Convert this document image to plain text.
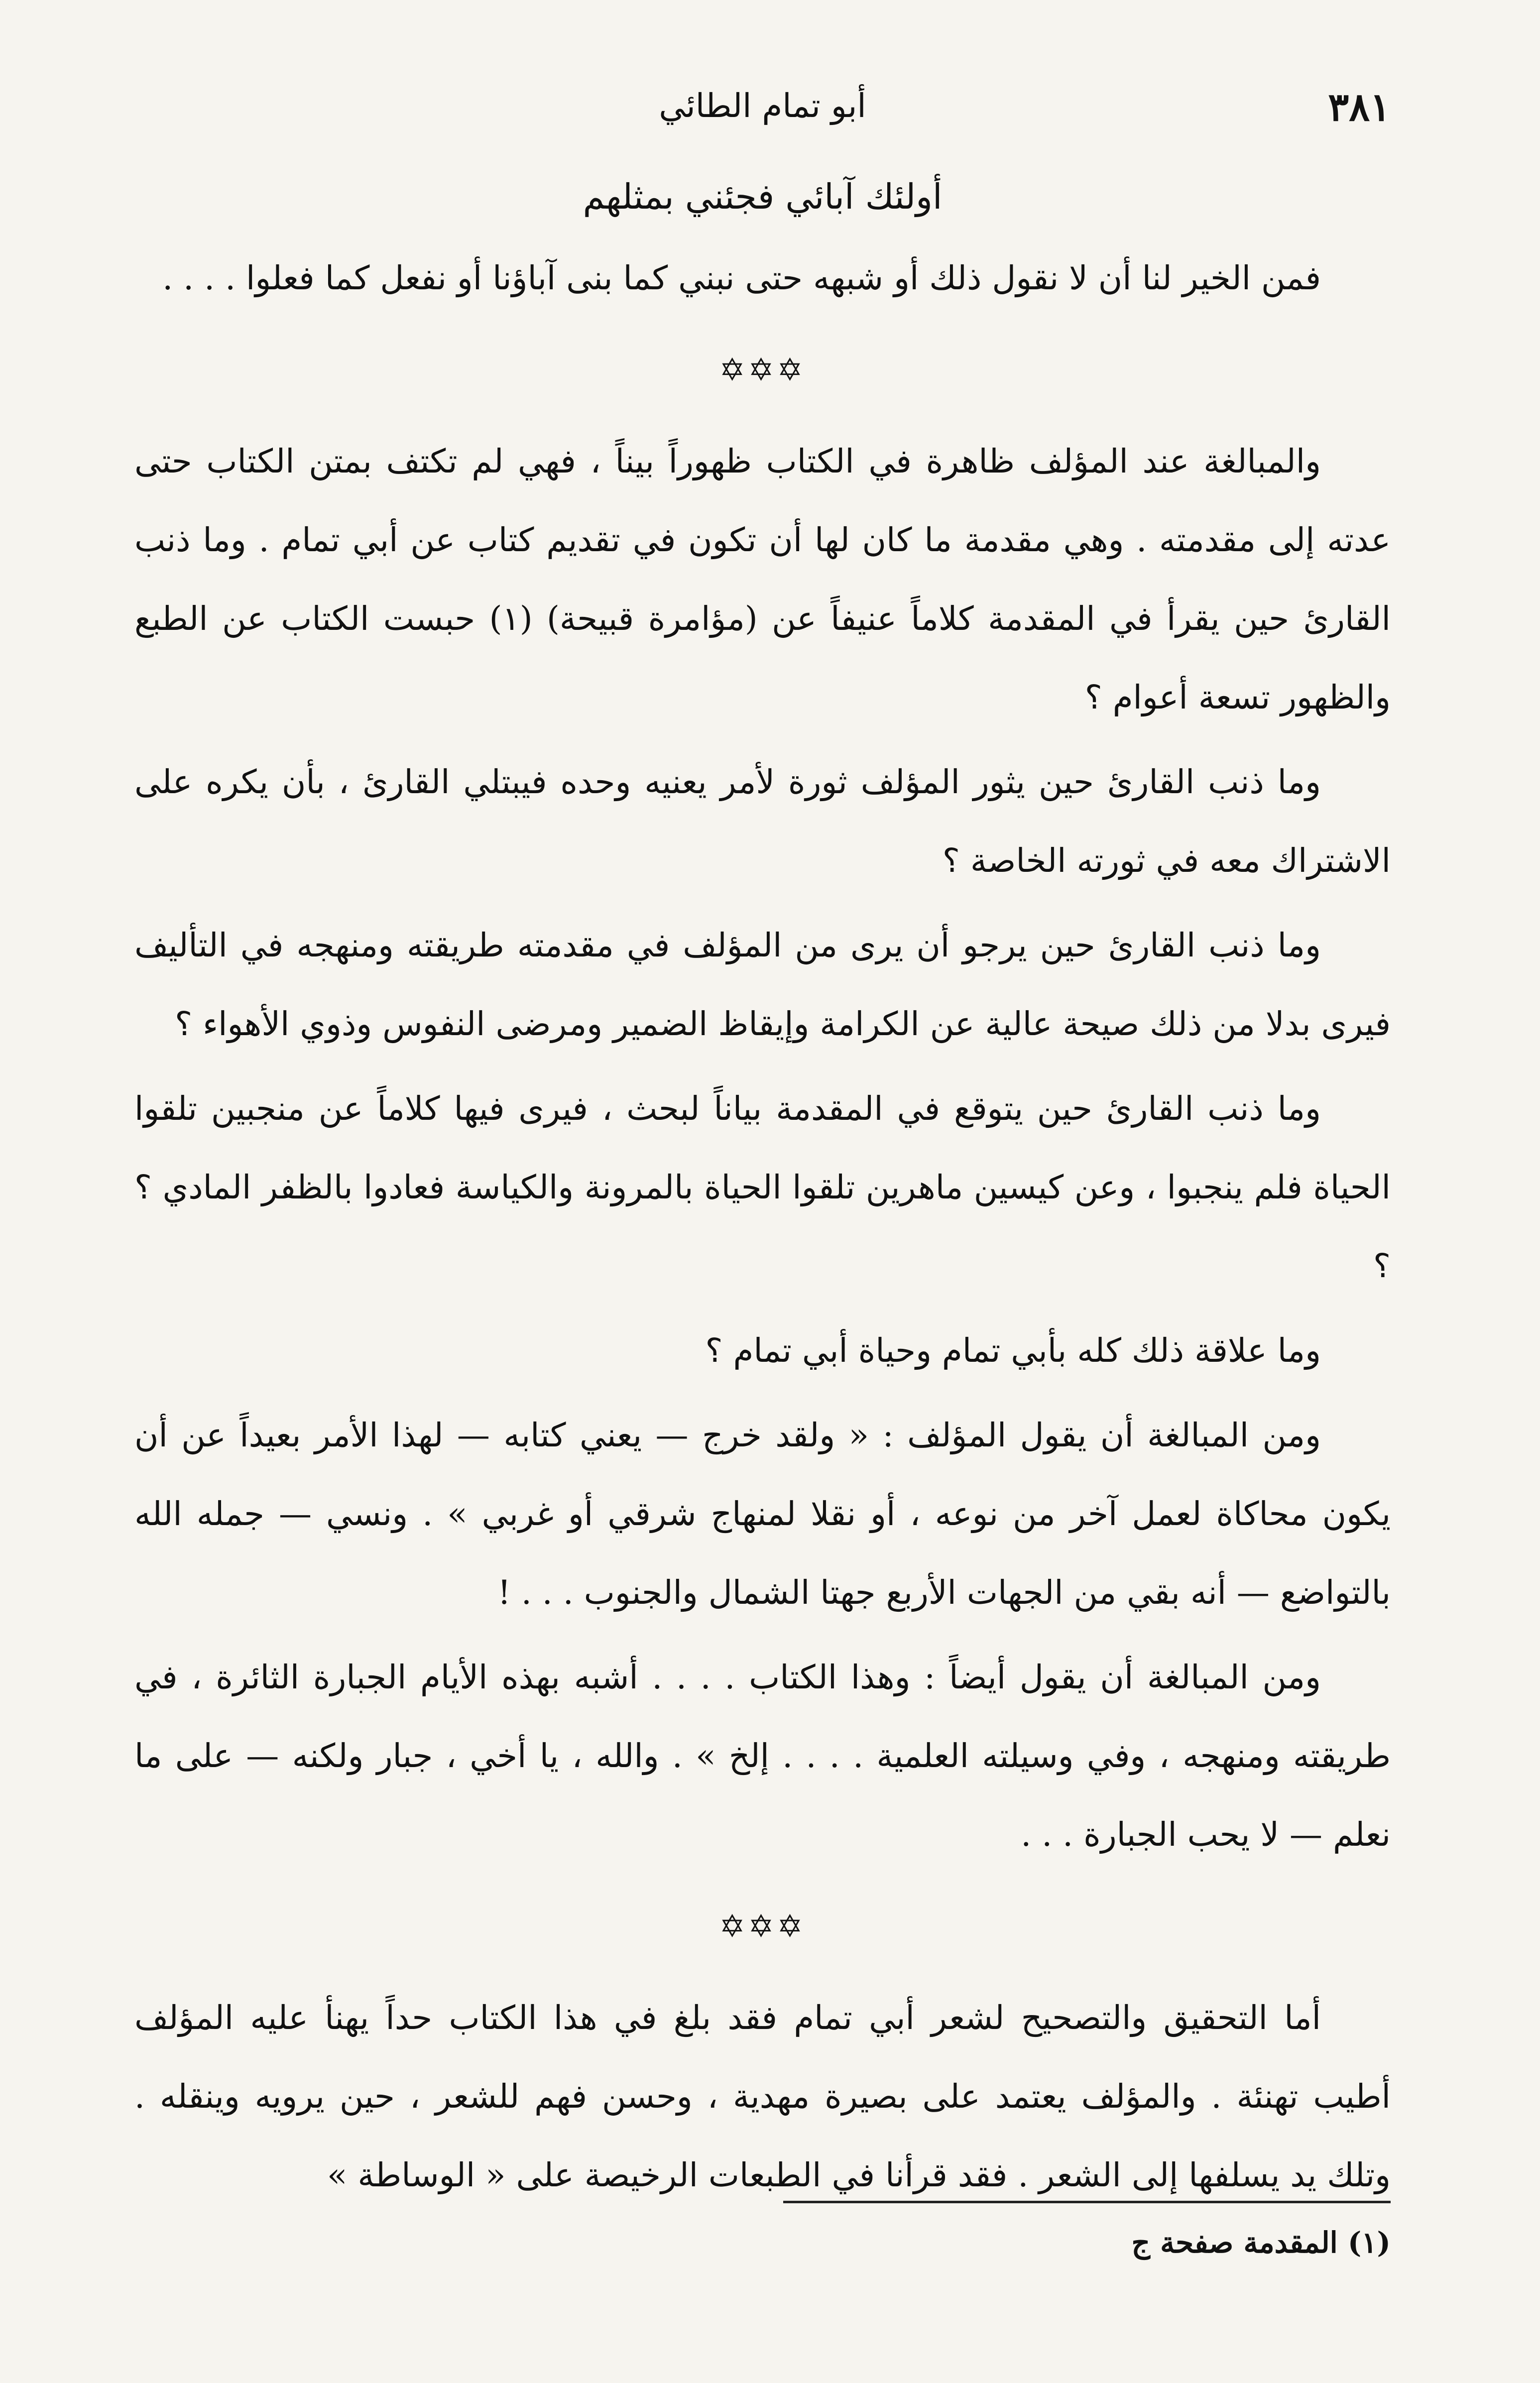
٣٨١
أبو تمام الطائي
أولئك آبائي فجئني بمثلهم

فمن الخير لنا أن لا نقول ذلك أو شبهه حتى نبني كما بنى آباؤنا أو نفعل كما فعلوا . . . .

✡✡✡

والمبالغة عند المؤلف ظاهرة في الكتاب ظهوراً بيناً ، فهي لم تكتف بمتن الكتاب حتى عدته إلى مقدمته . وهي مقدمة ما كان لها أن تكون في تقديم كتاب عن أبي تمام . وما ذنب القارئ حين يقرأ في المقدمة كلاماً عنيفاً عن (مؤامرة قبيحة) (١) حبست الكتاب عن الطبع والظهور تسعة أعوام ؟

وما ذنب القارئ حين يثور المؤلف ثورة لأمر يعنيه وحده فيبتلي القارئ ، بأن يكره على الاشتراك معه في ثورته الخاصة ؟

وما ذنب القارئ حين يرجو أن يرى من المؤلف في مقدمته طريقته ومنهجه في التأليف فيرى بدلا من ذلك صيحة عالية عن الكرامة وإيقاظ الضمير ومرضى النفوس وذوي الأهواء ؟

وما ذنب القارئ حين يتوقع في المقدمة بياناً لبحث ، فيرى فيها كلاماً عن منجبين تلقوا الحياة فلم ينجبوا ، وعن كيسين ماهرين تلقوا الحياة بالمرونة والكياسة فعادوا بالظفر المادي ؟ ؟

وما علاقة ذلك كله بأبي تمام وحياة أبي تمام ؟

ومن المبالغة أن يقول المؤلف : « ولقد خرج — يعني كتابه — لهذا الأمر بعيداً عن أن يكون محاكاة لعمل آخر من نوعه ، أو نقلا لمنهاج شرقي أو غربي » . ونسي — جمله الله بالتواضع — أنه بقي من الجهات الأربع جهتا الشمال والجنوب . . . !

ومن المبالغة أن يقول أيضاً : وهذا الكتاب . . . . أشبه بهذه الأيام الجبارة الثائرة ، في طريقته ومنهجه ، وفي وسيلته العلمية . . . . إلخ » . والله ، يا أخي ، جبار ولكنه — على ما نعلم — لا يحب الجبارة . . .

✡✡✡

أما التحقيق والتصحيح لشعر أبي تمام فقد بلغ في هذا الكتاب حداً يهنأ عليه المؤلف أطيب تهنئة . والمؤلف يعتمد على بصيرة مهدية ، وحسن فهم للشعر ، حين يرويه وينقله . وتلك يد يسلفها إلى الشعر . فقد قرأنا في الطبعات الرخيصة على « الوساطة »

(١) المقدمة صفحة ج
